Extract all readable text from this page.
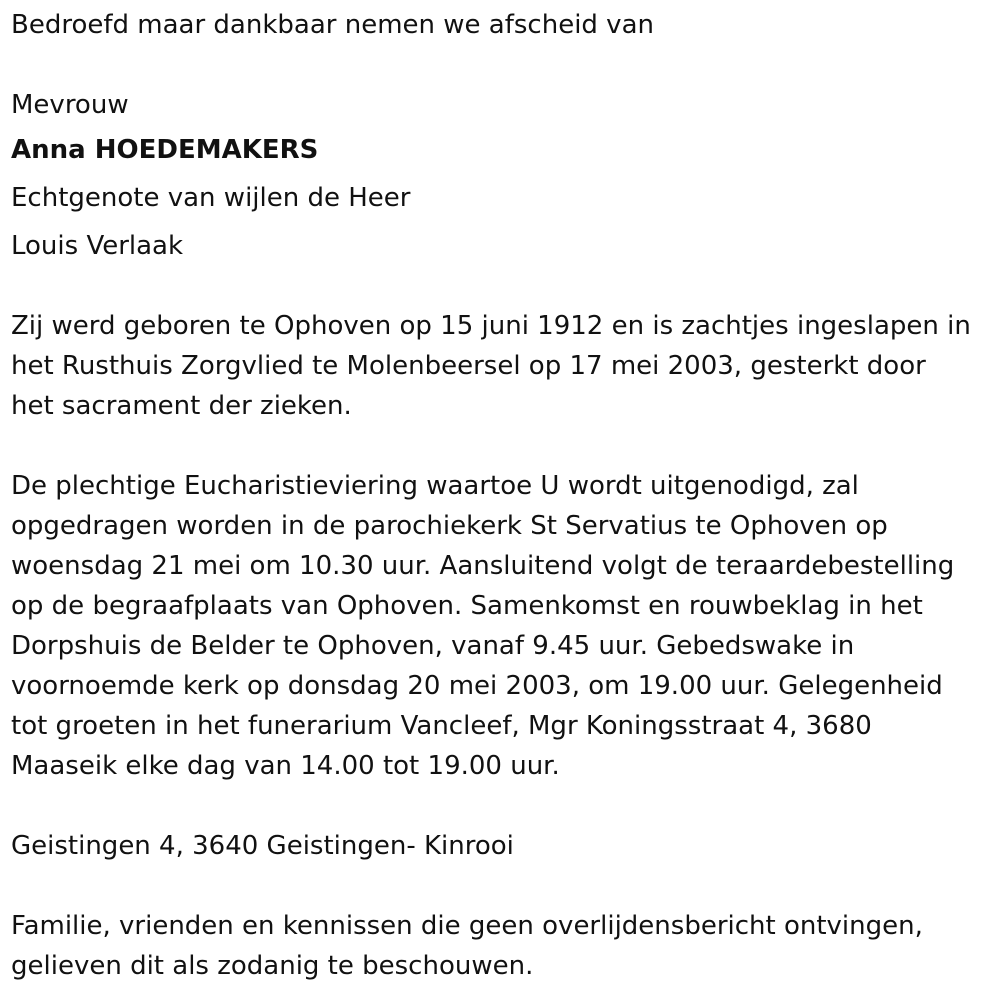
Bedroefd maar dankbaar nemen we afscheid van
Mevrouw
Anna HOEDEMAKERS
Echtgenote van wijlen de Heer
Louis Verlaak
Zij werd geboren te Ophoven op 15 juni 1912 en is zachtjes ingeslapen in
het Rusthuis Zorgvlied te Molenbeersel op 17 mei 2003, gesterkt door
het sacrament der zieken.
De plechtige Eucharistieviering waartoe U wordt uitgenodigd, zal
opgedragen worden in de parochiekerk St Servatius te Ophoven op
woensdag 21 mei om 10.30 uur. Aansluitend volgt de teraardebestelling
op de begraafplaats van Ophoven. Samenkomst en rouwbeklag in het
Dorpshuis de Belder te Ophoven, vanaf 9.45 uur. Gebedswake in
voornoemde kerk op donsdag 20 mei 2003, om 19.00 uur. Gelegenheid
tot groeten in het funerarium Vancleef, Mgr Koningsstraat 4, 3680
Maaseik elke dag van 14.00 tot 19.00 uur.
Geistingen 4, 3640 Geistingen- Kinrooi
Familie, vrienden en kennissen die geen overlijdensbericht ontvingen,
gelieven dit als zodanig te beschouwen.
